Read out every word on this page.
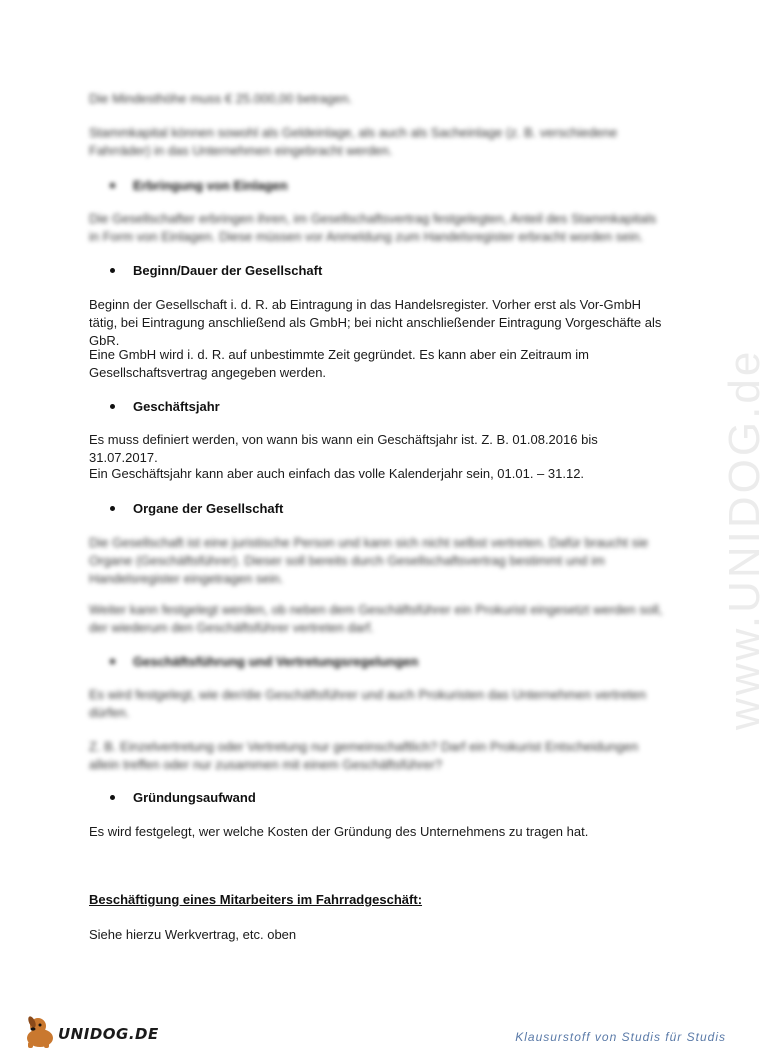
www.UNIDOG.de
Die Mindesthöhe muss € 25.000,00 betragen.
Stammkapital können sowohl als Geldeinlage, als auch als Sacheinlage (z. B. verschiedene Fahrräder) in das Unternehmen eingebracht werden.
Erbringung von Einlagen
Die Gesellschafter erbringen ihren, im Gesellschaftsvertrag festgelegten, Anteil des Stammkapitals in Form von Einlagen. Diese müssen vor Anmeldung zum Handelsregister erbracht worden sein.
Beginn/Dauer der Gesellschaft
Beginn der Gesellschaft i. d. R. ab Eintragung in das Handelsregister. Vorher erst als Vor-GmbH tätig, bei Eintragung anschließend als GmbH; bei nicht anschließender Eintragung Vorgeschäfte als GbR.
Eine GmbH wird i. d. R. auf unbestimmte Zeit gegründet. Es kann aber ein Zeitraum im Gesellschaftsvertrag angegeben werden.
Geschäftsjahr
Es muss definiert werden, von wann bis wann ein Geschäftsjahr ist. Z. B. 01.08.2016 bis 31.07.2017.
Ein Geschäftsjahr kann aber auch einfach das volle Kalenderjahr sein, 01.01. – 31.12.
Organe der Gesellschaft
Die Gesellschaft ist eine juristische Person und kann sich nicht selbst vertreten. Dafür braucht sie Organe (Geschäftsführer). Dieser soll bereits durch Gesellschaftsvertrag bestimmt und im Handelsregister eingetragen sein.
Weiter kann festgelegt werden, ob neben dem Geschäftsführer ein Prokurist eingesetzt werden soll, der wiederum den Geschäftsführer vertreten darf.
Geschäftsführung und Vertretungsregelungen
Es wird festgelegt, wie der/die Geschäftsführer und auch Prokuristen das Unternehmen vertreten dürfen.
Z. B. Einzelvertretung oder Vertretung nur gemeinschaftlich? Darf ein Prokurist Entscheidungen allein treffen oder nur zusammen mit einem Geschäftsführer?
Gründungsaufwand
Es wird festgelegt, wer welche Kosten der Gründung des Unternehmens zu tragen hat.
Beschäftigung eines Mitarbeiters im Fahrradgeschäft:
Siehe hierzu Werkvertrag, etc. oben
UNIDOG.DE	Klausurstoff von Studis für Studis
